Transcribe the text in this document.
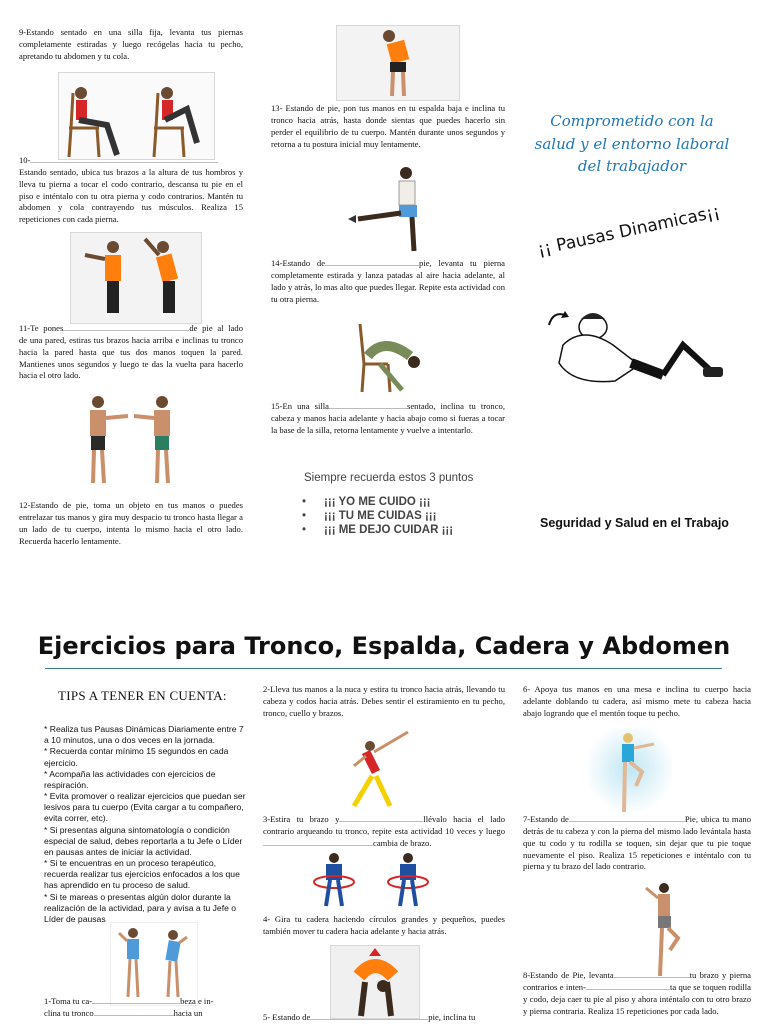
9-Estando sentado en una silla fija, levanta tus piernas completamente estiradas y luego recógelas hacia tu pecho, apretando tu abdomen y tu cola.
10-Estando sentado, ubica tus brazos a la altura de tus hombros y lleva tu pierna a tocar el codo contrario, descansa tu pie en el piso e inténtalo con tu otra pierna y codo contrarios. Mantén tu abdomen y cola contrayendo tus músculos. Realiza 15 repeticiones con cada pierna.
11-Te pones	de pie al lado de una pared, estiras tus brazos hacia arriba e inclinas tu tronco hacia la pared hasta que tus dos manos toquen la pared. Mantienes unos segundos y luego te das la vuelta para hacerlo hacia el otro lado.
12-Estando de pie, toma un objeto en tus manos o puedes entrelazar tus manos y gira muy despacio tu tronco hasta llegar a un lado de tu cuerpo, intenta lo mismo hacia el otro lado. Recuerda hacerlo lentamente.
13- Estando de pie, pon tus manos en tu espalda baja e inclina tu tronco hacia atrás, hasta donde sientas que puedes hacerlo sin perder el equilibrio de tu cuerpo. Mantén durante unos segundos y retorna a tu postura inicial muy lentamente.
14-Estando de	pie, levanta tu pierna completamente estirada y lanza patadas al aire hacia adelante, al lado y atrás, lo mas alto que puedes llegar. Repite esta actividad con tu otra pierna.
15-En una silla	sentado, inclina tu tronco, cabeza y manos hacia adelante y hacia abajo como si fueras a tocar la base de la silla, retorna lentamente y vuelve a intentarlo.
Siempre recuerda estos 3 puntos
• ¡¡¡ YO ME CUIDO ¡¡¡
• ¡¡¡ TU ME CUIDAS ¡¡¡
• ¡¡¡ ME DEJO CUIDAR ¡¡¡
Comprometido con la
salud y el entorno laboral
del trabajador
¡¡ Pausas Dinamicas¡¡
Seguridad y Salud en el Trabajo
Ejercicios para Tronco, Espalda, Cadera y Abdomen
TIPS A TENER EN CUENTA:

* Realiza tus Pausas Dinámicas Diariamente entre 7 a 10 minutos, una o dos veces en la jornada.

* Recuerda contar mínimo 15 segundos en cada ejercicio.

* Acompaña las actividades con ejercicios de respiración.

* Evita promover o realizar ejercicios que puedan ser lesivos para tu cuerpo (Evita cargar a tu compañero, evita correr, etc).

* Si presentas alguna sintomatología o condición especial de salud, debes reportarla a tu Jefe o Líder en pausas antes de iniciar la actividad.

* Si te encuentras en un proceso terapéutico, recuerda realizar tus ejercicios enfocados a los que has aprendido en tu proceso de salud.

* Si te mareas o presentas algún dolor durante la realización de la actividad, para y avisa a tu Jefe o Líder de pausas

1-Toma tu ca-	beza e in-
clina tu tronco	hacia un
2-Lleva tus manos a la nuca y estira tu tronco hacia atrás, llevando tu cabeza y codos hacia atrás. Debes sentir el estiramiento en tu pecho, tronco, cuello y brazos.
3-Estira tu brazo y	llévalo hacia el lado contrario arqueando tu tronco, repite esta actividad 10 veces y luegocambia de brazo.
4- Gira tu cadera haciendo círculos grandes y pequeños, puedes también mover tu cadera hacia adelante y hacia atrás.
5- Estando de	pie, inclina tu
6- Apoya tus manos en una mesa e inclina tu cuerpo hacia adelante doblando tu cadera, así mismo mete tu cabeza hacia abajo logrando que el mentón toque tu pecho.
7-Estando de	Pie, ubica tu mano detrás de tu cabeza y con la pierna del mismo lado levántala hasta que tu codo y tu rodilla se toquen, sin dejar que tu pie toque nuevamente el piso. Realiza 15 repeticiones e inténtalo con tu pierna y tu brazo del lado contrario.
8-Estando de Pie, levanta	tu brazo y pierna contrarios e inten-	ta que se toquen rodilla y codo, deja caer tu pie al piso y ahora inténtalo con tu otro brazo y pierna contraria. Realiza 15 repeticiones por cada lado.
